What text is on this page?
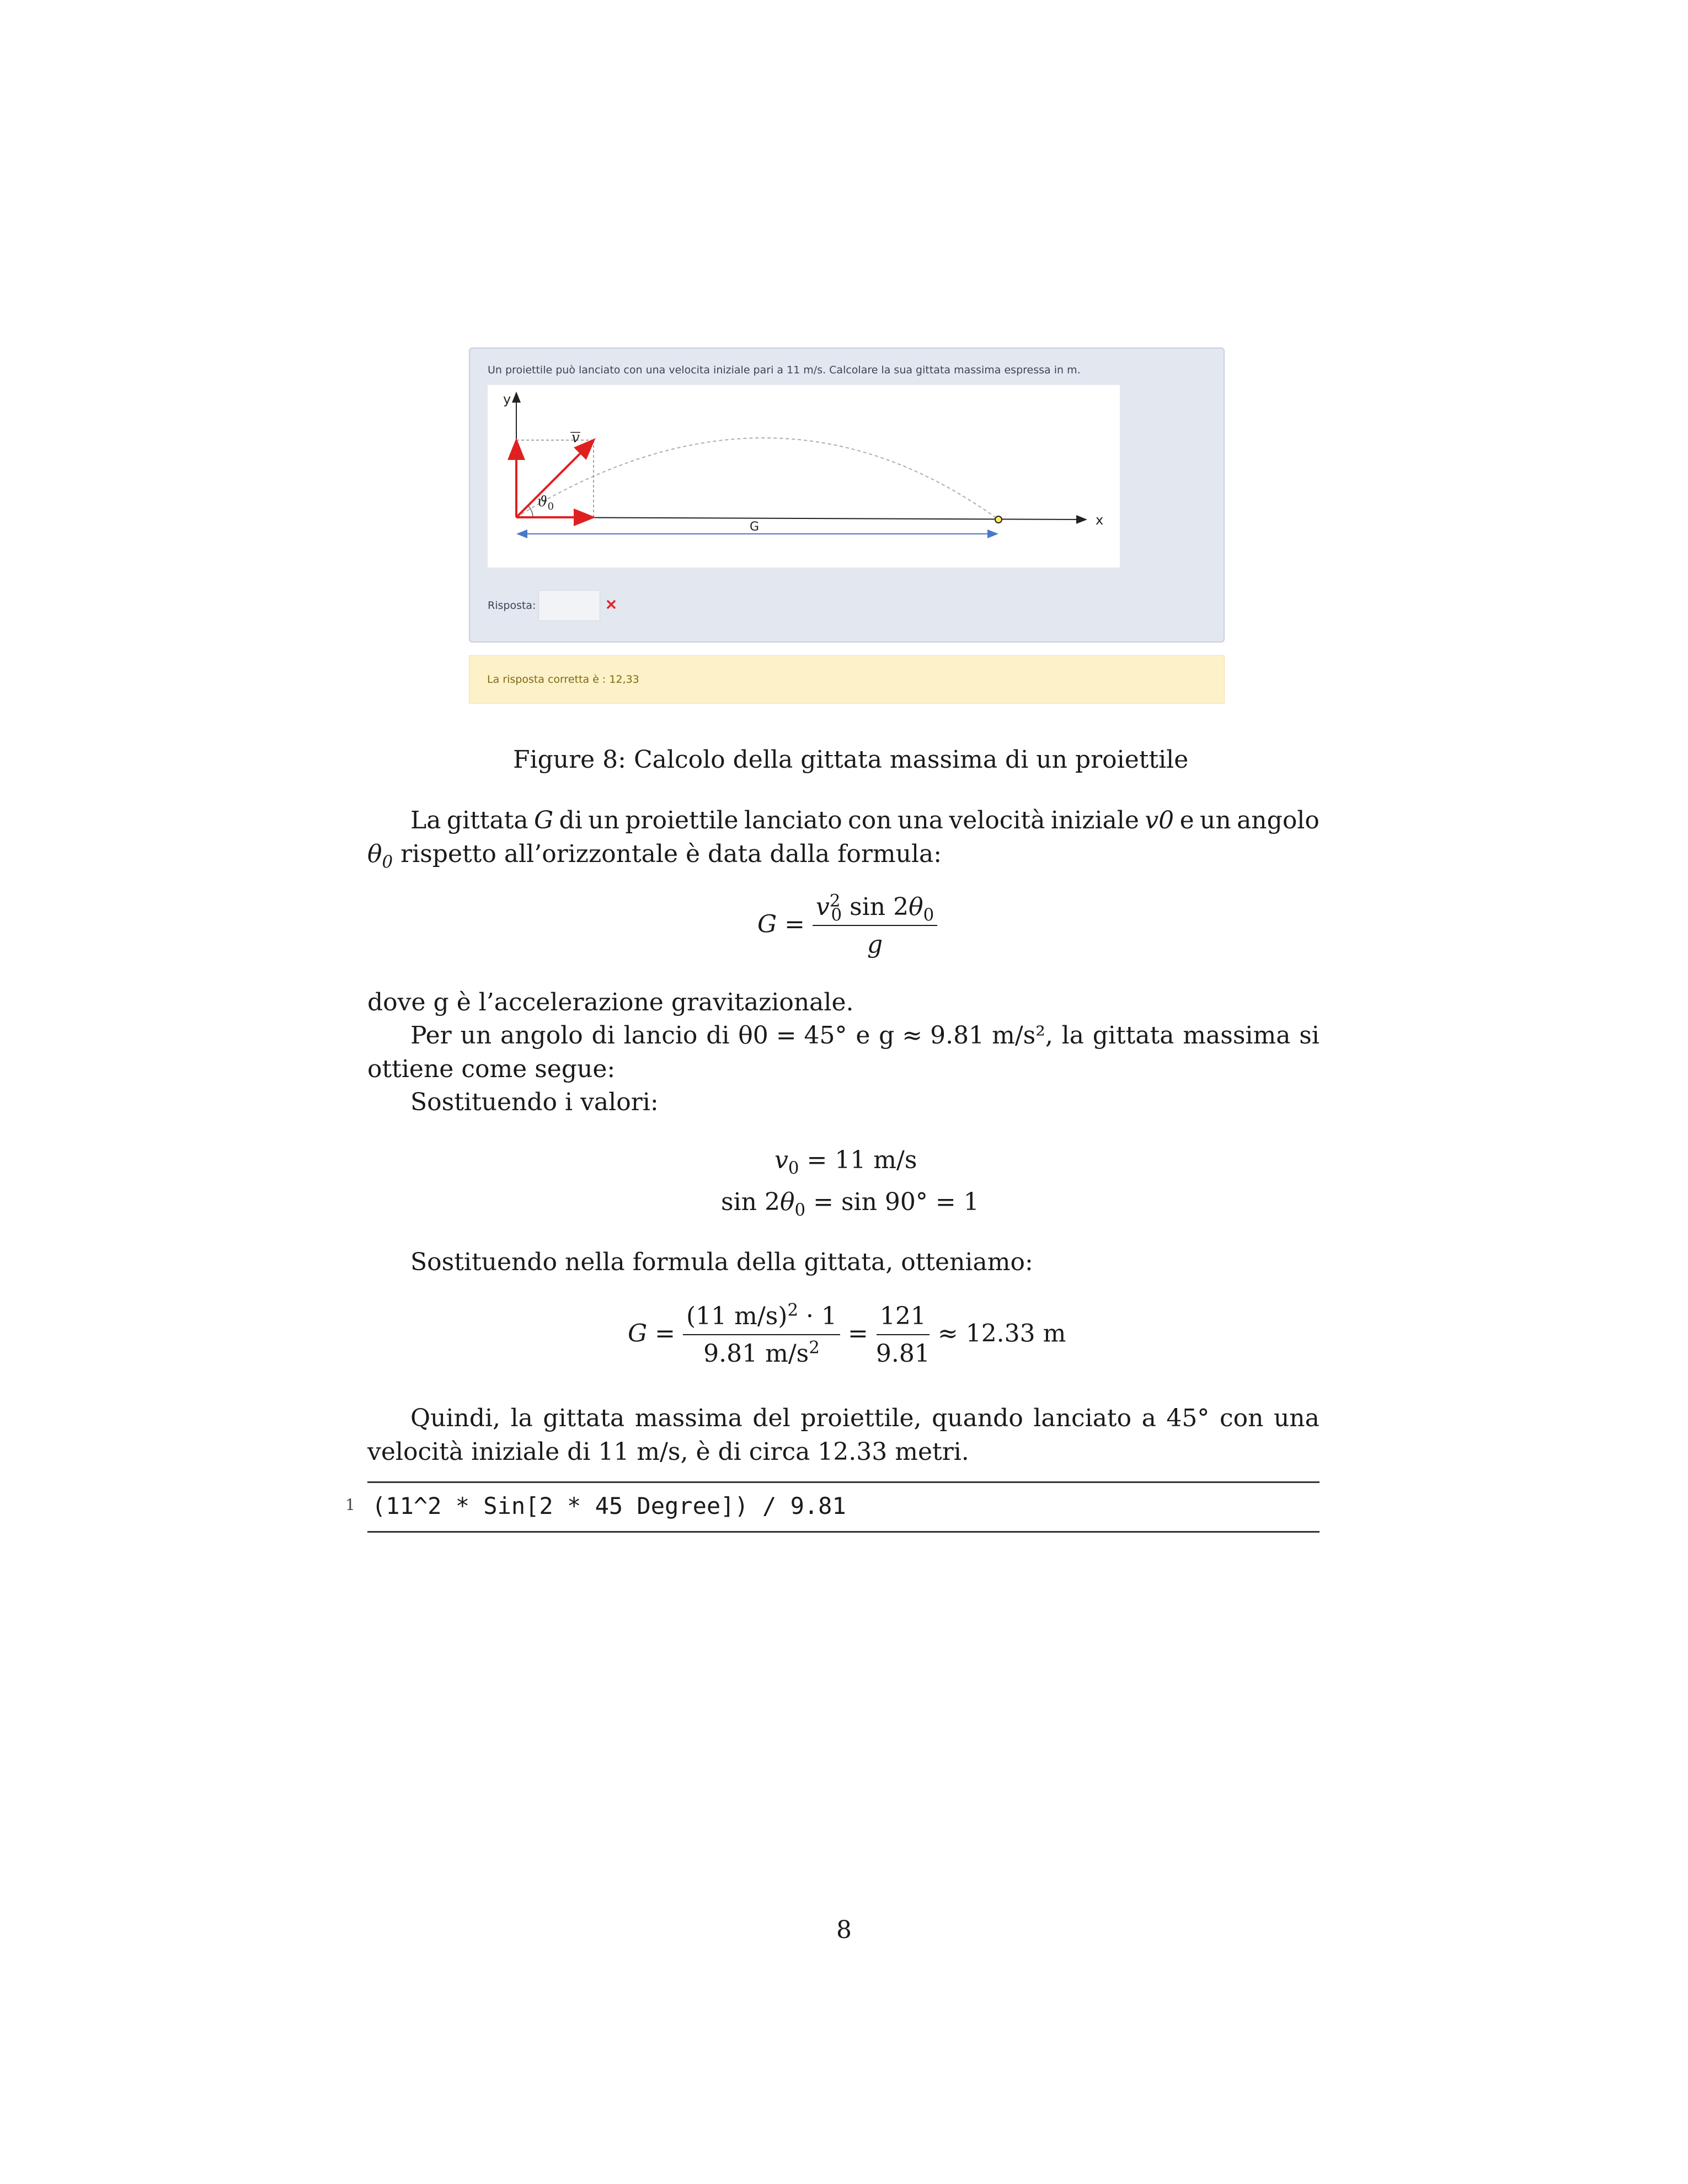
Un proiettile può lanciato con una velocita iniziale pari a 11 m/s. Calcolare la sua gittata massima espressa in m.
y
x
v
$ϑ_0$
G
Risposta:
La risposta corretta è : 12,33
Figure 8: Calcolo della gittata massima di un proiettile
La gittata G di un proiettile lanciato con una velocità iniziale v0 e un angolo
$\theta_0$ rispetto all’orizzontale è data dalla formula:
$G = \frac{v^2_0 \sin 2\theta_0}{g}$
dove g è l’accelerazione gravitazionale.
Per un angolo di lancio di θ0 = 45° e g ≈ 9.81 m/s², la gittata massima si
ottiene come segue:
Sostituendo i valori:
$v_0 = 11$ m/s
$\sin 2\theta_0 = \sin 90^\circ = 1$
Sostituendo nella formula della gittata, otteniamo:
$G = \frac{(11 m/s)^2 \cdot 1}{9.81 m/s^2} = \frac{121}{9.81} \approx 12.33$ m
Quindi, la gittata massima del proiettile, quando lanciato a 45° con una
velocità iniziale di 11 m/s, è di circa 12.33 metri.
1 (11^2 * Sin[2 * 45 Degree]) / 9.81
8
